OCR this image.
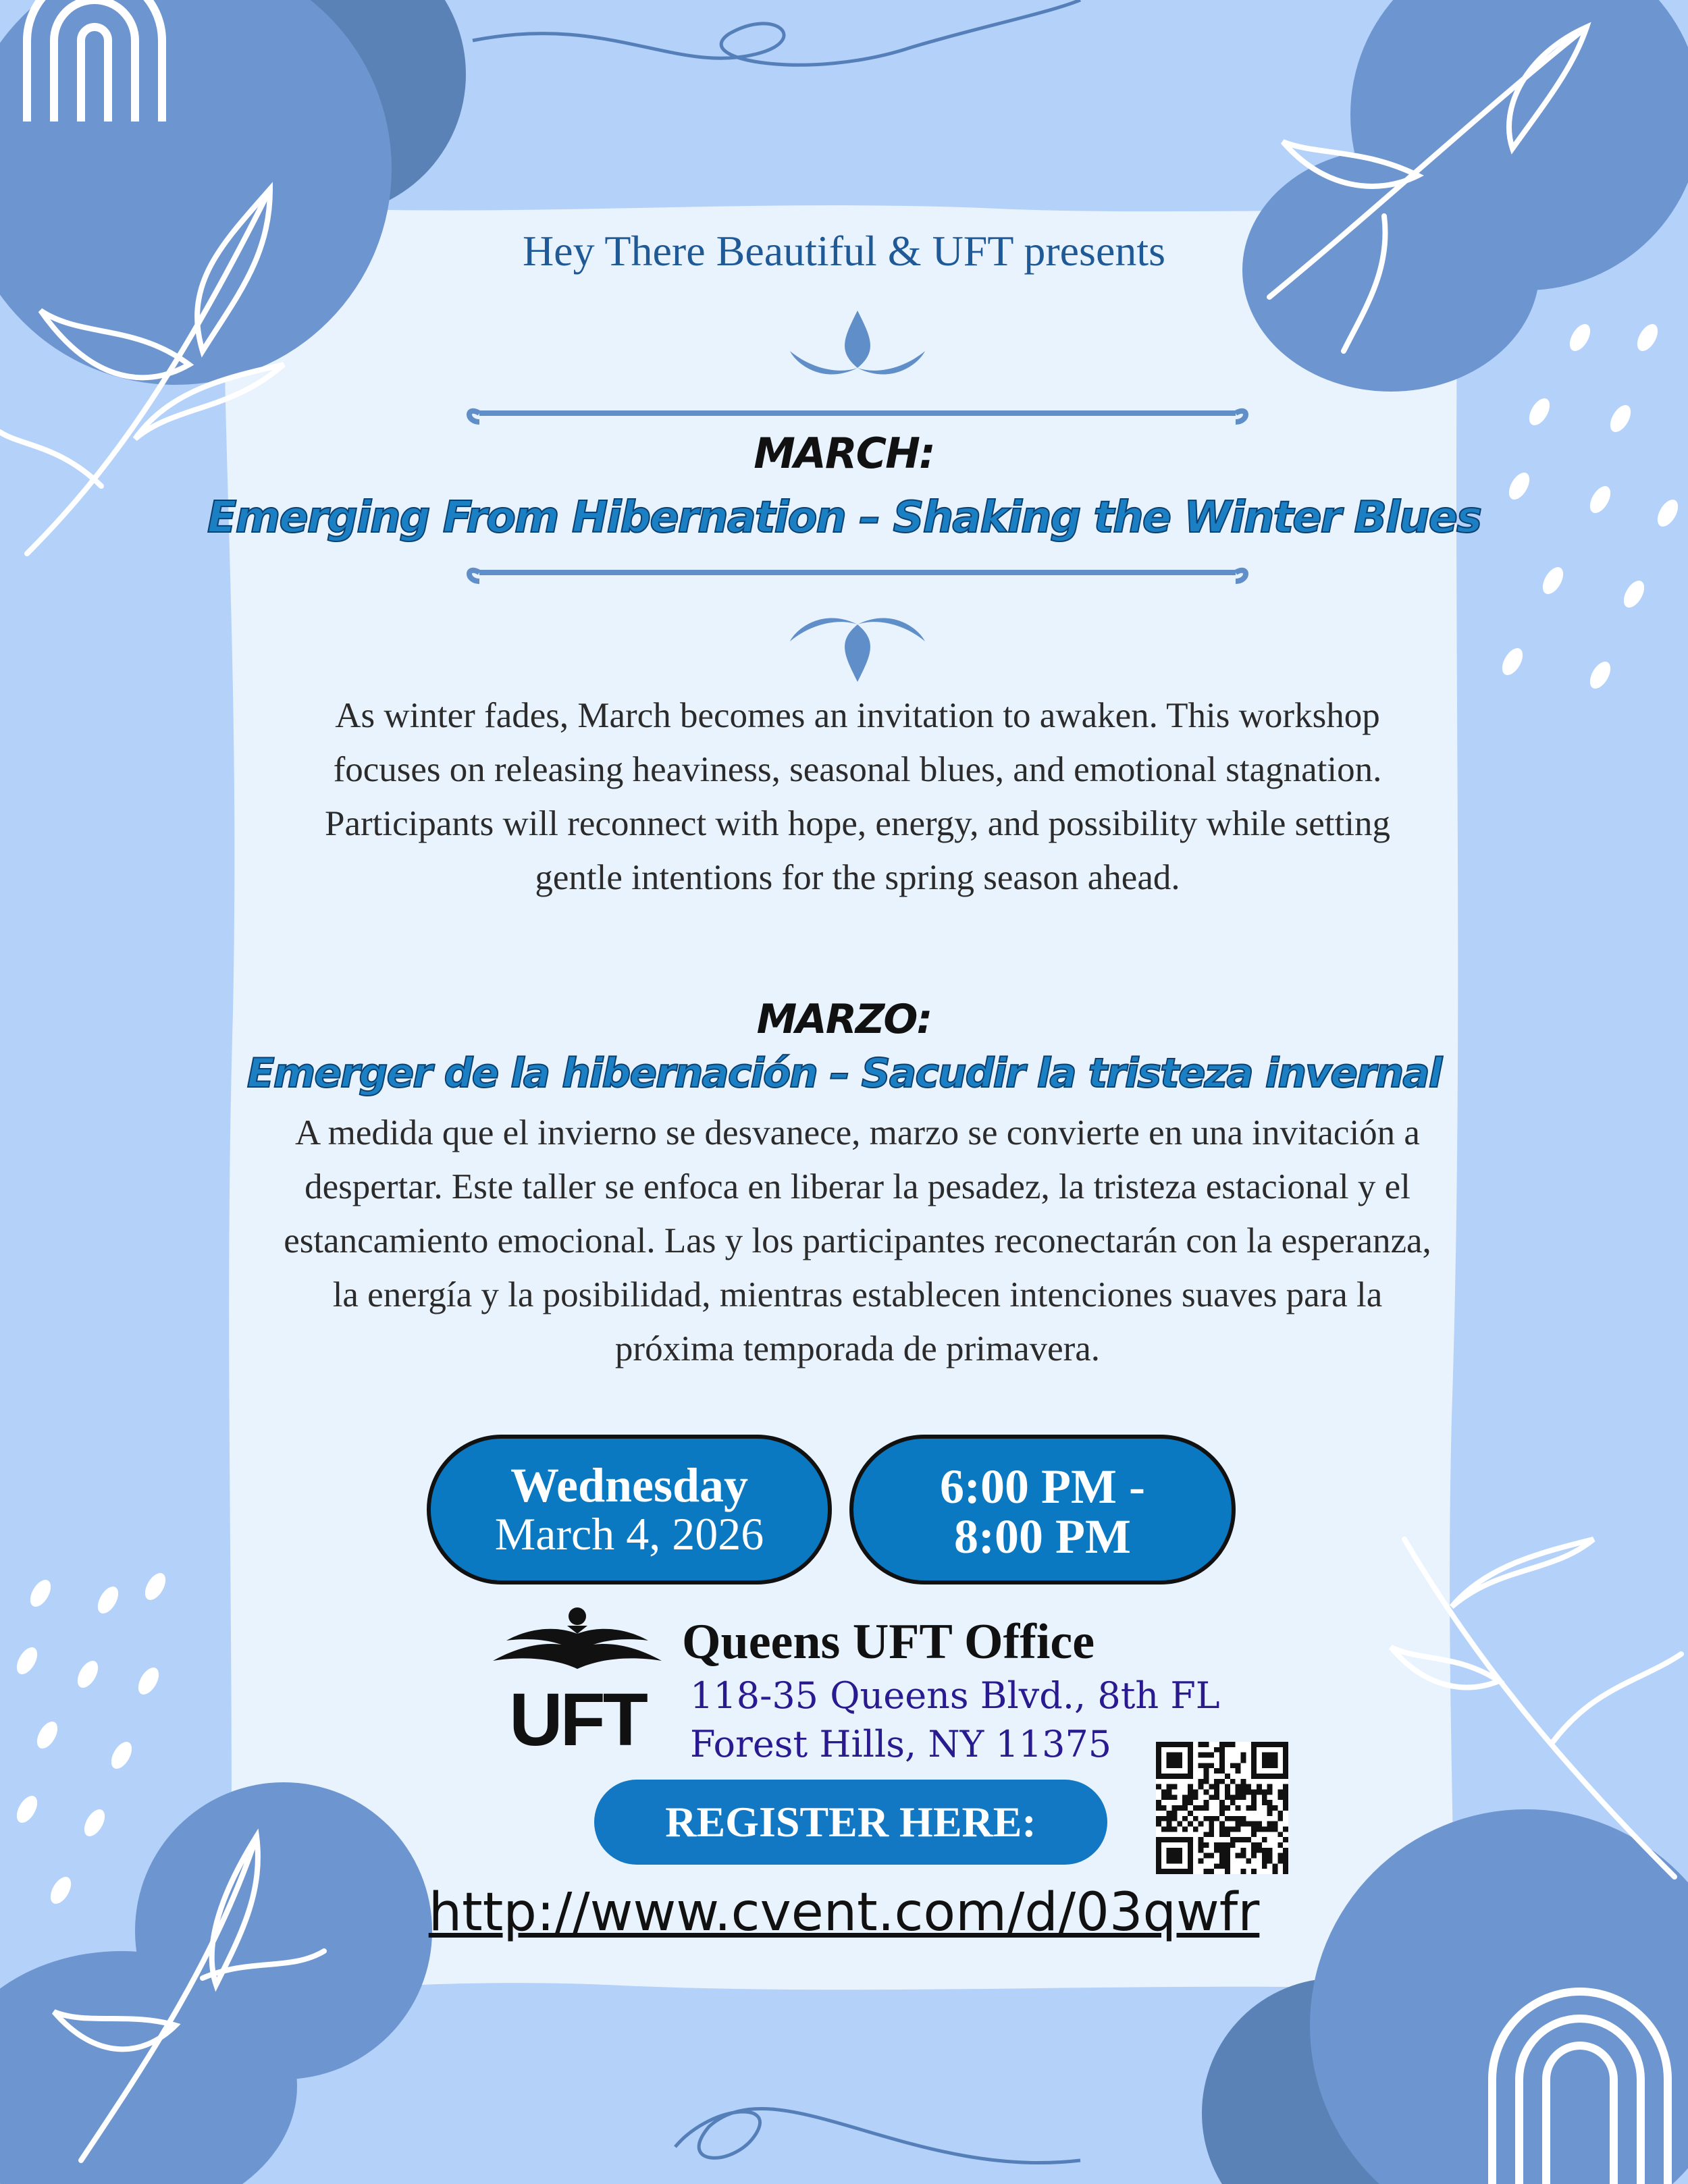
Hey There Beautiful & UFT presents
MARCH:
Emerging From Hibernation – Shaking the Winter Blues
As winter fades, March becomes an invitation to awaken. This workshop focuses on releasing heaviness, seasonal blues, and emotional stagnation. Participants will reconnect with hope, energy, and possibility while setting gentle intentions for the spring season ahead.
MARZO:
Emerger de la hibernación – Sacudir la tristeza invernal
A medida que el invierno se desvanece, marzo se convierte en una invitación a despertar. Este taller se enfoca en liberar la pesadez, la tristeza estacional y el estancamiento emocional. Las y los participantes reconectarán con la esperanza, la energía y la posibilidad, mientras establecen intenciones suaves para la próxima temporada de primavera.
Wednesday
March 4, 2026
6:00 PM -
8:00 PM
UFT
Queens UFT Office
118-35 Queens Blvd., 8th FL
Forest Hills, NY 11375
REGISTER HERE:
http://www.cvent.com/d/03qwfr
